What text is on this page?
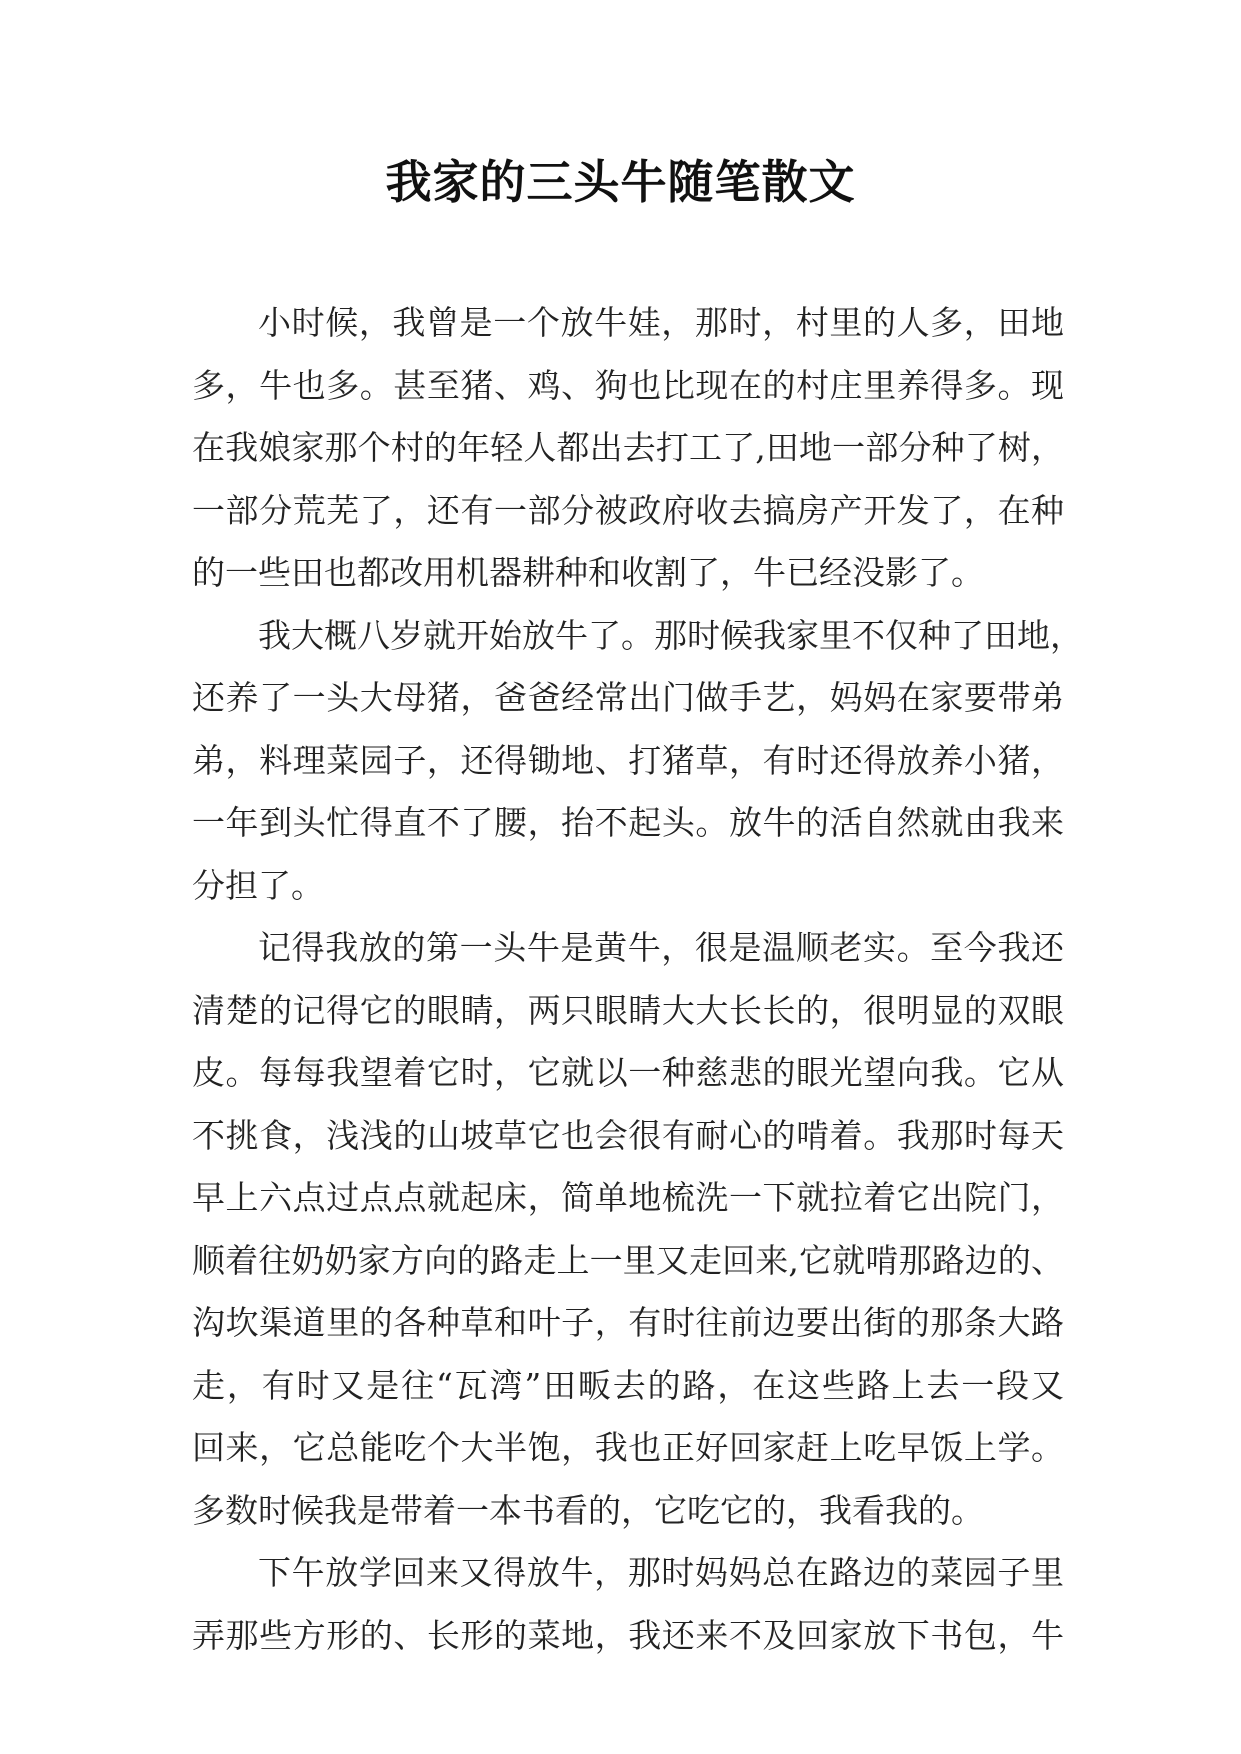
我家的三头牛随笔散文
小时候，我曾是一个放牛娃，那时，村里的人多，田地
多，牛也多。甚至猪、鸡、狗也比现在的村庄里养得多。现
在我娘家那个村的年轻人都出去打工了,田地一部分种了树，
一部分荒芜了，还有一部分被政府收去搞房产开发了，在种
的一些田也都改用机器耕种和收割了，牛已经没影了。
我大概八岁就开始放牛了。那时候我家里不仅种了田地，
还养了一头大母猪，爸爸经常出门做手艺，妈妈在家要带弟
弟，料理菜园子，还得锄地、打猪草，有时还得放养小猪，
一年到头忙得直不了腰，抬不起头。放牛的活自然就由我来
分担了。
记得我放的第一头牛是黄牛，很是温顺老实。至今我还
清楚的记得它的眼睛，两只眼睛大大长长的，很明显的双眼
皮。每每我望着它时，它就以一种慈悲的眼光望向我。它从
不挑食，浅浅的山坡草它也会很有耐心的啃着。我那时每天
早上六点过点点就起床，简单地梳洗一下就拉着它出院门，
顺着往奶奶家方向的路走上一里又走回来,它就啃那路边的、
沟坎渠道里的各种草和叶子，有时往前边要出街的那条大路
走，有时又是往“瓦湾”田畈去的路，在这些路上去一段又
回来，它总能吃个大半饱，我也正好回家赶上吃早饭上学。
多数时候我是带着一本书看的，它吃它的，我看我的。
下午放学回来又得放牛，那时妈妈总在路边的菜园子里
弄那些方形的、长形的菜地，我还来不及回家放下书包，牛
